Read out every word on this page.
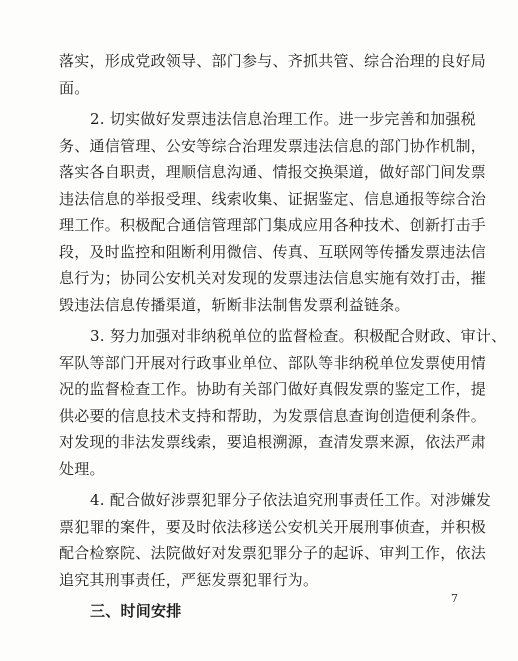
落实，形成党政领导、部门参与、齐抓共管、综合治理的良好局
面。
2. 切实做好发票违法信息治理工作。进一步完善和加强税
务、通信管理、公安等综合治理发票违法信息的部门协作机制，
落实各自职责，理顺信息沟通、情报交换渠道，做好部门间发票
违法信息的举报受理、线索收集、证据鉴定、信息通报等综合治
理工作。积极配合通信管理部门集成应用各种技术、创新打击手
段，及时监控和阻断利用微信、传真、互联网等传播发票违法信
息行为；协同公安机关对发现的发票违法信息实施有效打击，摧
毁违法信息传播渠道，斩断非法制售发票利益链条。
3. 努力加强对非纳税单位的监督检查。积极配合财政、审计、
军队等部门开展对行政事业单位、部队等非纳税单位发票使用情
况的监督检查工作。协助有关部门做好真假发票的鉴定工作，提
供必要的信息技术支持和帮助，为发票信息查询创造便利条件。
对发现的非法发票线索，要追根溯源，查清发票来源，依法严肃
处理。
4. 配合做好涉票犯罪分子依法追究刑事责任工作。对涉嫌发
票犯罪的案件，要及时依法移送公安机关开展刑事侦查，并积极
配合检察院、法院做好对发票犯罪分子的起诉、审判工作，依法
追究其刑事责任，严惩发票犯罪行为。
三、时间安排
7
